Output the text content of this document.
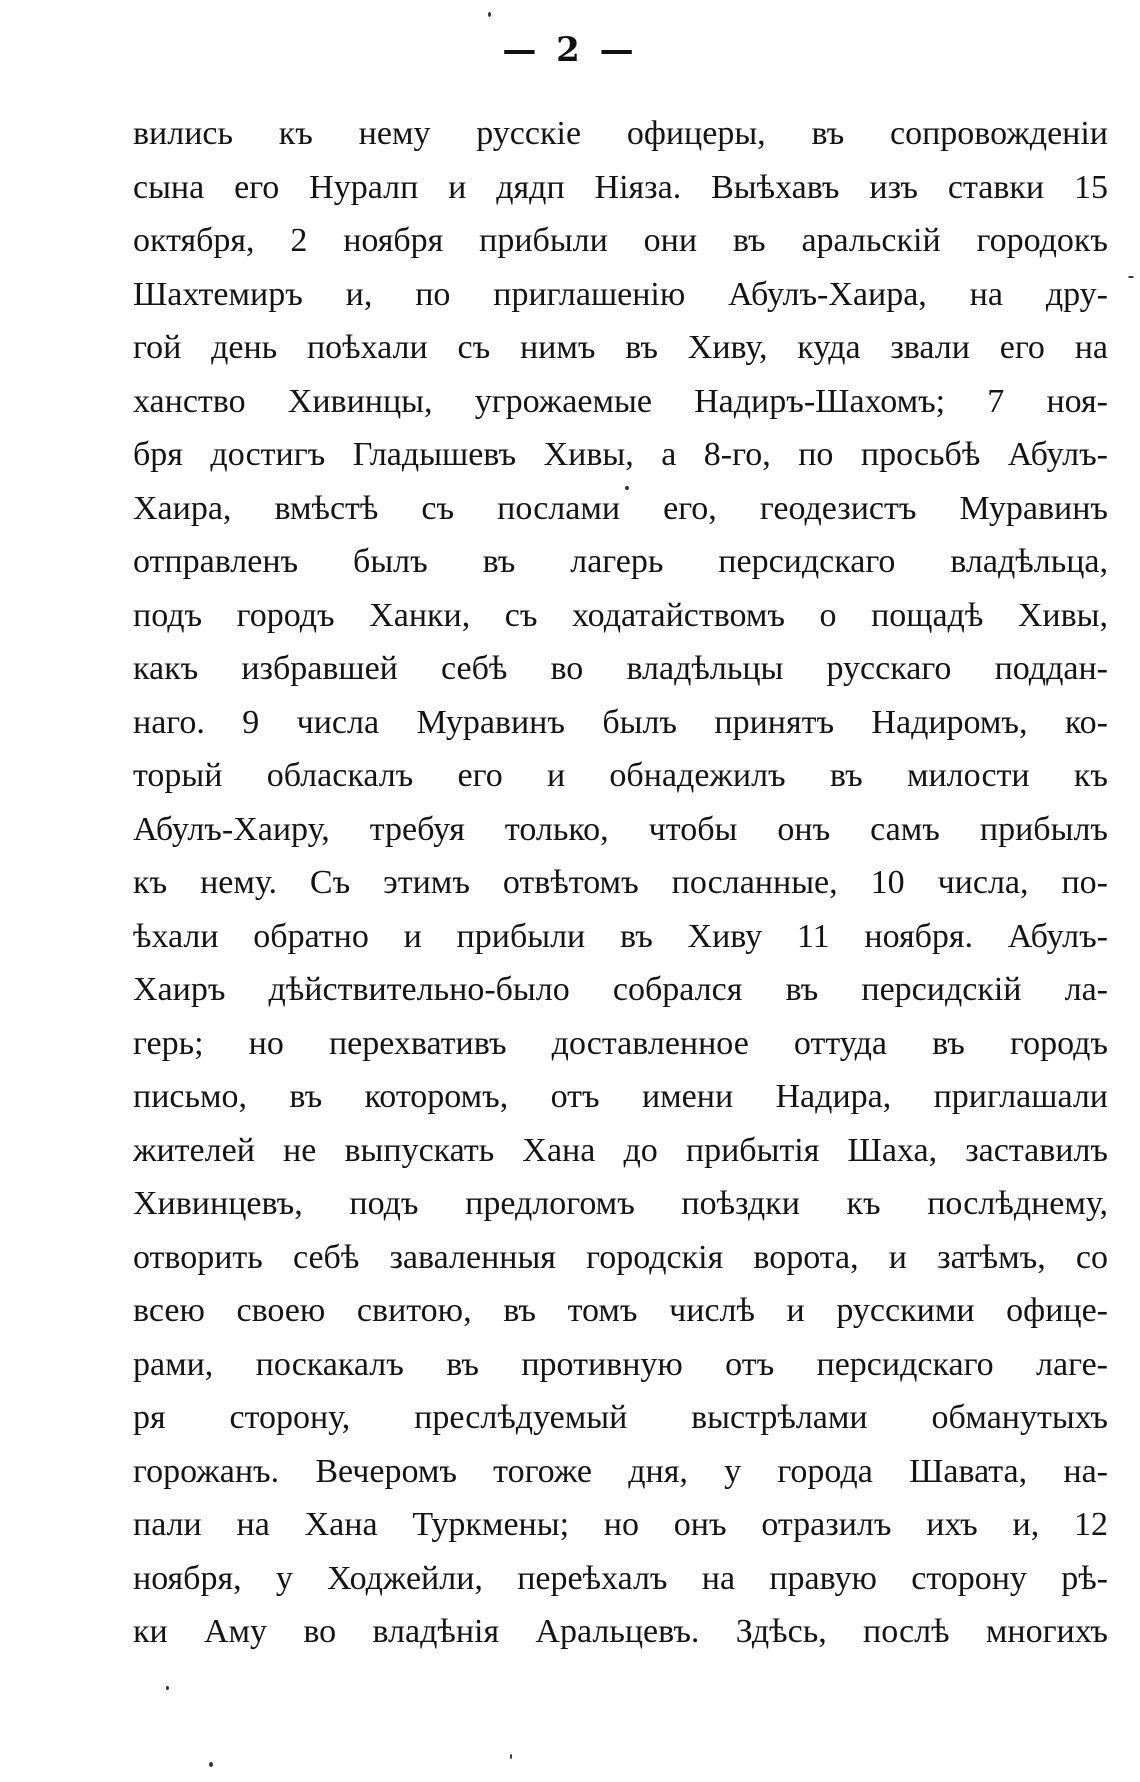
— 2 —
вились къ нему русскіе офицеры, въ сопровожденіи
сына его Нуралп и дядп Ніяза. Выѣхавъ изъ ставки 15
октября, 2 ноября прибыли они въ аральскій городокъ
Шахтемиръ и, по приглашенію Абулъ-Хаира, на дру-
гой день поѣхали съ нимъ въ Хиву, куда звали его на
ханство Хивинцы, угрожаемые Надиръ-Шахомъ; 7 ноя-
бря достигъ Гладышевъ Хивы, а 8-го, по просьбѣ Абулъ-
Хаира, вмѣстѣ съ послами его, геодезистъ Муравинъ
отправленъ былъ въ лагерь персидскаго владѣльца,
подъ городъ Ханки, съ ходатайствомъ о пощадѣ Хивы,
какъ избравшей себѣ во владѣльцы русскаго поддан-
наго. 9 числа Муравинъ былъ принятъ Надиромъ, ко-
торый обласкалъ его и обнадежилъ въ милости къ
Абулъ-Хаиру, требуя только, чтобы онъ самъ прибылъ
къ нему. Съ этимъ отвѣтомъ посланные, 10 числа, по-
ѣхали обратно и прибыли въ Хиву 11 ноября. Абулъ-
Хаиръ дѣйствительно-было собрался въ персидскій ла-
герь; но перехвативъ доставленное оттуда въ городъ
письмо, въ которомъ, отъ имени Надира, приглашали
жителей не выпускать Хана до прибытія Шаха, заставилъ
Хивинцевъ, подъ предлогомъ поѣздки къ послѣднему,
отворить себѣ заваленныя городскія ворота, и затѣмъ, со
всею своею свитою, въ томъ числѣ и русскими офице-
рами, поскакалъ въ противную отъ персидскаго лаге-
ря сторону, преслѣдуемый выстрѣлами обманутыхъ
горожанъ. Вечеромъ тогоже дня, у города Шавата, на-
пали на Хана Туркмены; но онъ отразилъ ихъ и, 12
ноября, у Ходжейли, переѣхалъ на правую сторону рѣ-
ки Аму во владѣнія Аральцевъ. Здѣсь, послѣ многихъ
